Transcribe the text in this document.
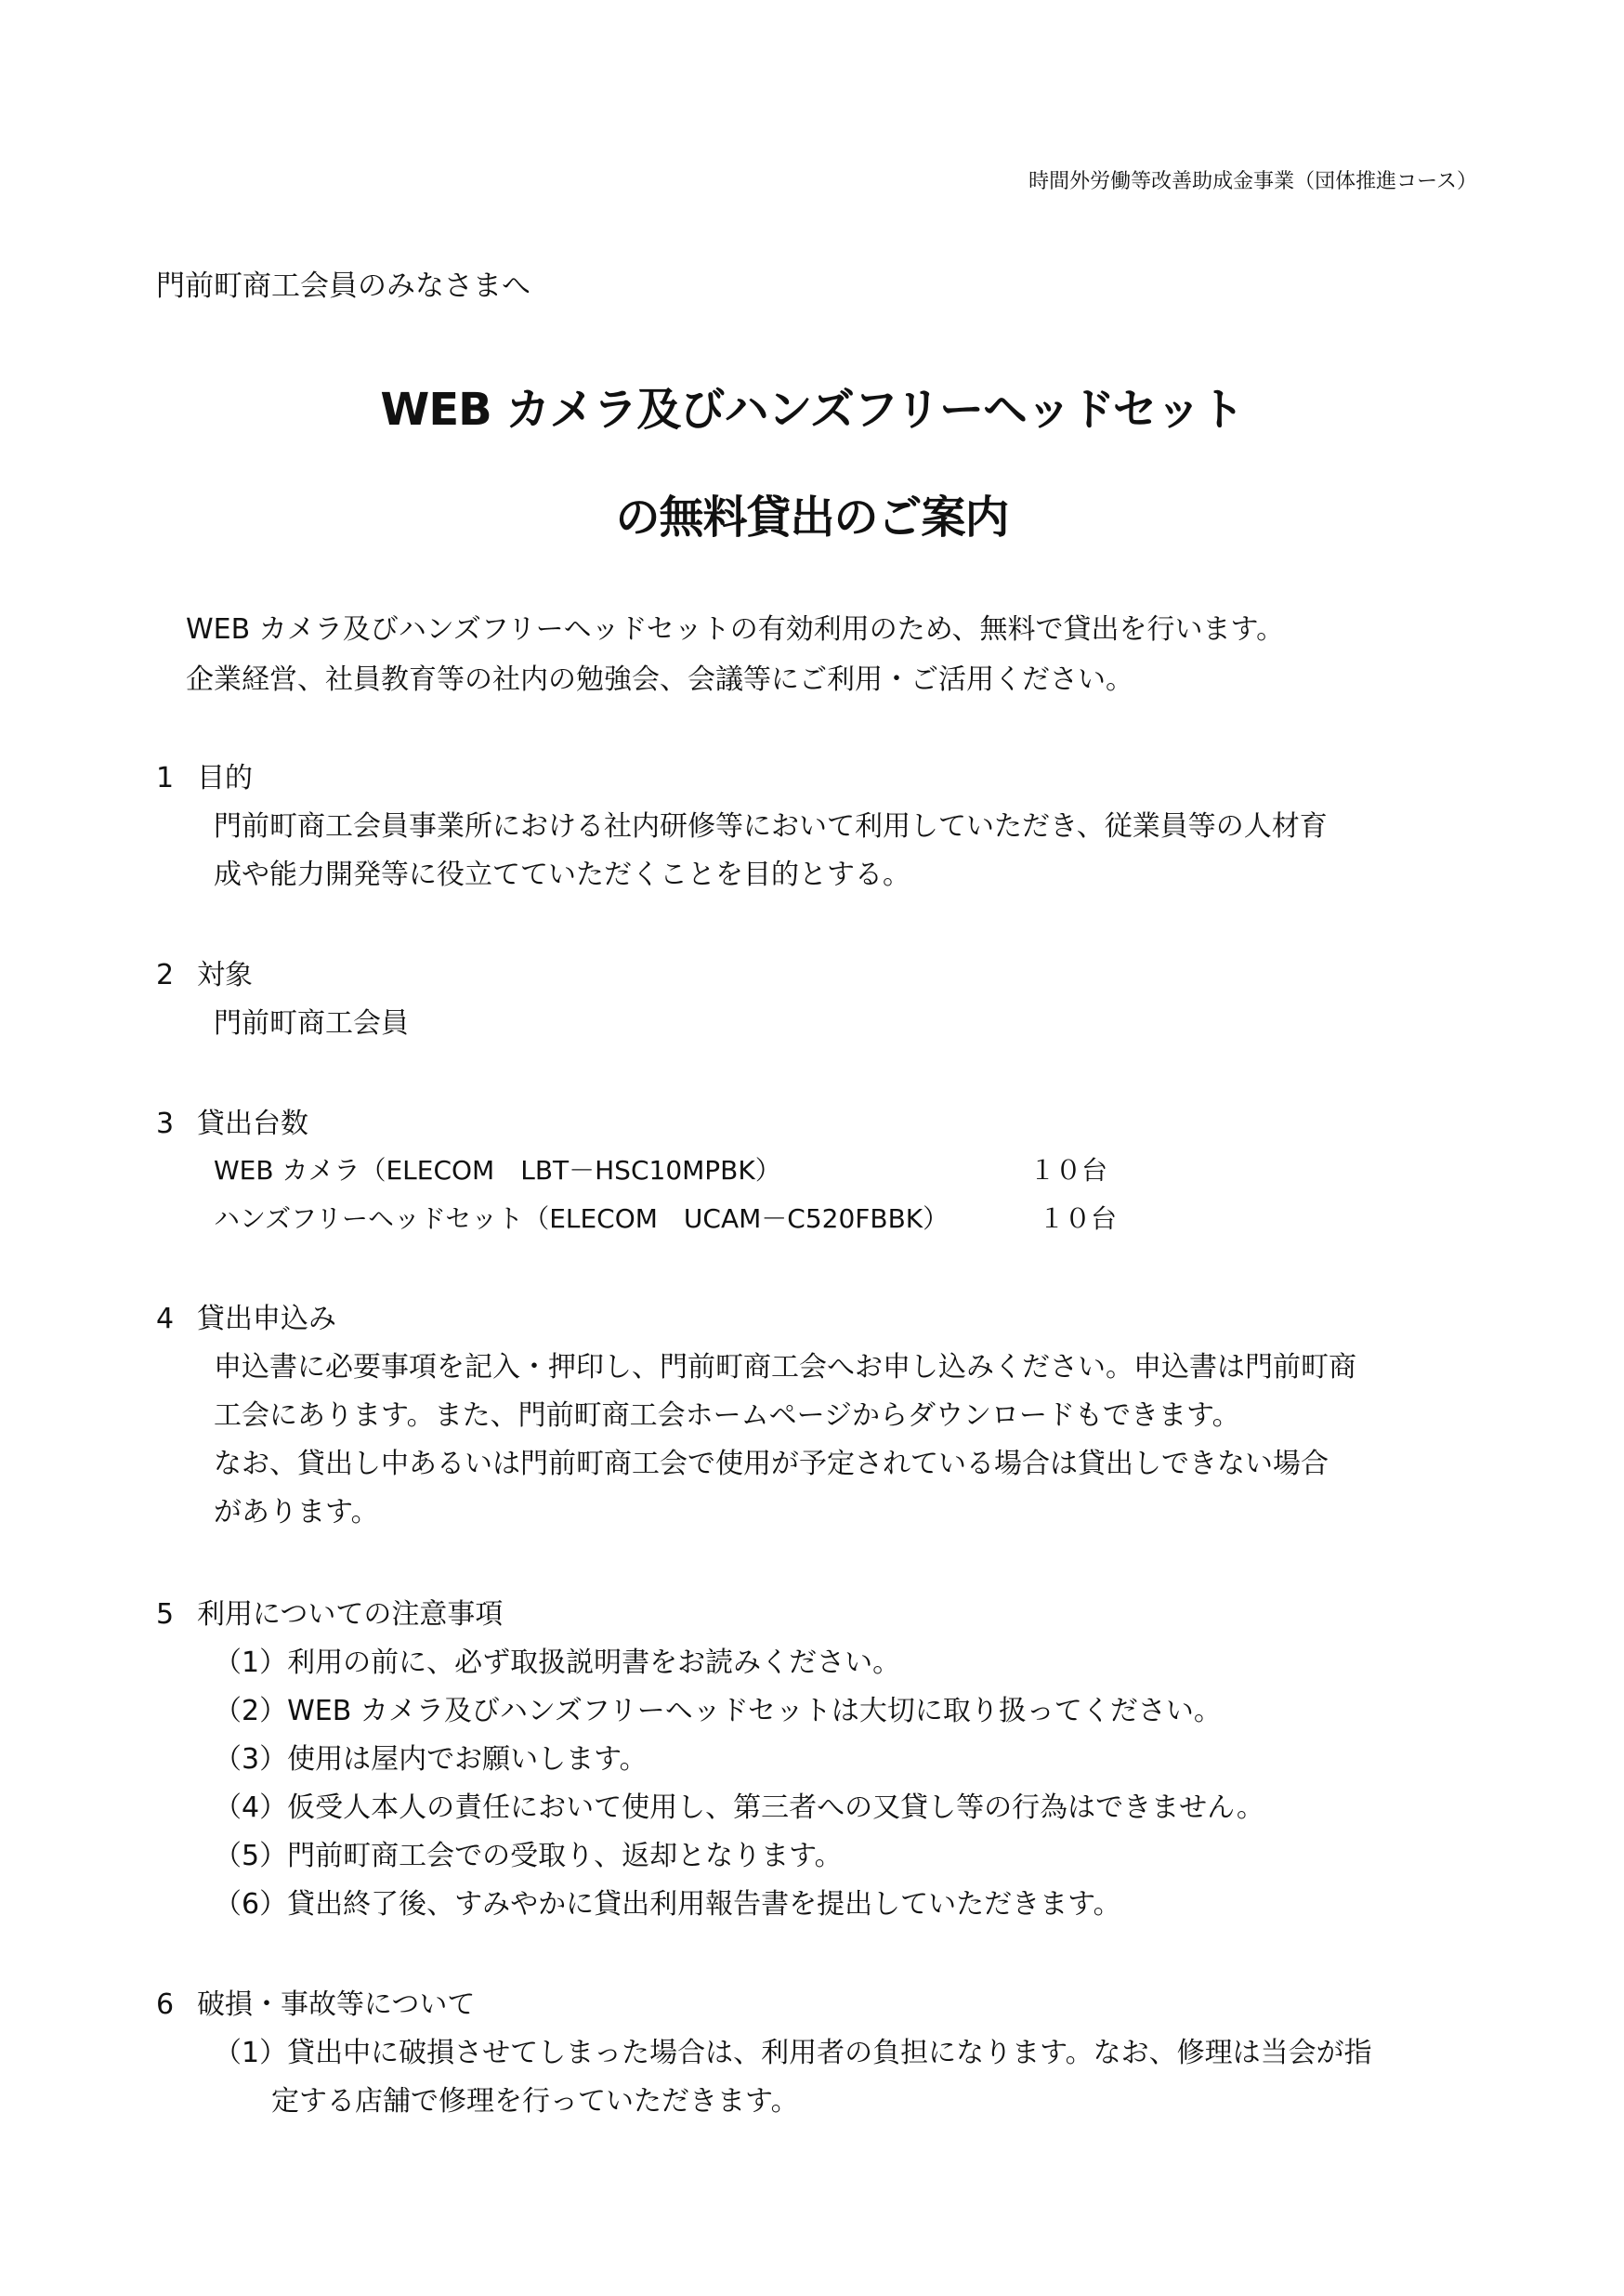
時間外労働等改善助成金事業（団体推進コース）

門前町商工会員のみなさまへ

WEB カメラ及びハンズフリーヘッドセット
の無料貸出のご案内

WEB カメラ及びハンズフリーヘッドセットの有効利用のため、無料で貸出を行います。

企業経営、社員教育等の社内の勉強会、会議等にご利用・ご活用ください。

1 目的

門前町商工会員事業所における社内研修等において利用していただき、従業員等の人材育

成や能力開発等に役立てていただくことを目的とする。

2 対象

門前町商工会員

3 貸出台数
WEB カメラ（ELECOM　LBT－HSC10MPBK）	１０台
ハンズフリーヘッドセット（ELECOM　UCAM－C520FBBK）	１０台
4 貸出申込み

申込書に必要事項を記入・押印し、門前町商工会へお申し込みください。申込書は門前町商

工会にあります。また、門前町商工会ホームページからダウンロードもできます。

なお、貸出し中あるいは門前町商工会で使用が予定されている場合は貸出しできない場合

があります。

5 利用についての注意事項

（1）利用の前に、必ず取扱説明書をお読みください。

（2）WEB カメラ及びハンズフリーヘッドセットは大切に取り扱ってください。

（3）使用は屋内でお願いします。

（4）仮受人本人の責任において使用し、第三者への又貸し等の行為はできません。

（5）門前町商工会での受取り、返却となります。

（6）貸出終了後、すみやかに貸出利用報告書を提出していただきます。

6 破損・事故等について

（1）貸出中に破損させてしまった場合は、利用者の負担になります。なお、修理は当会が指

定する店舗で修理を行っていただきます。
